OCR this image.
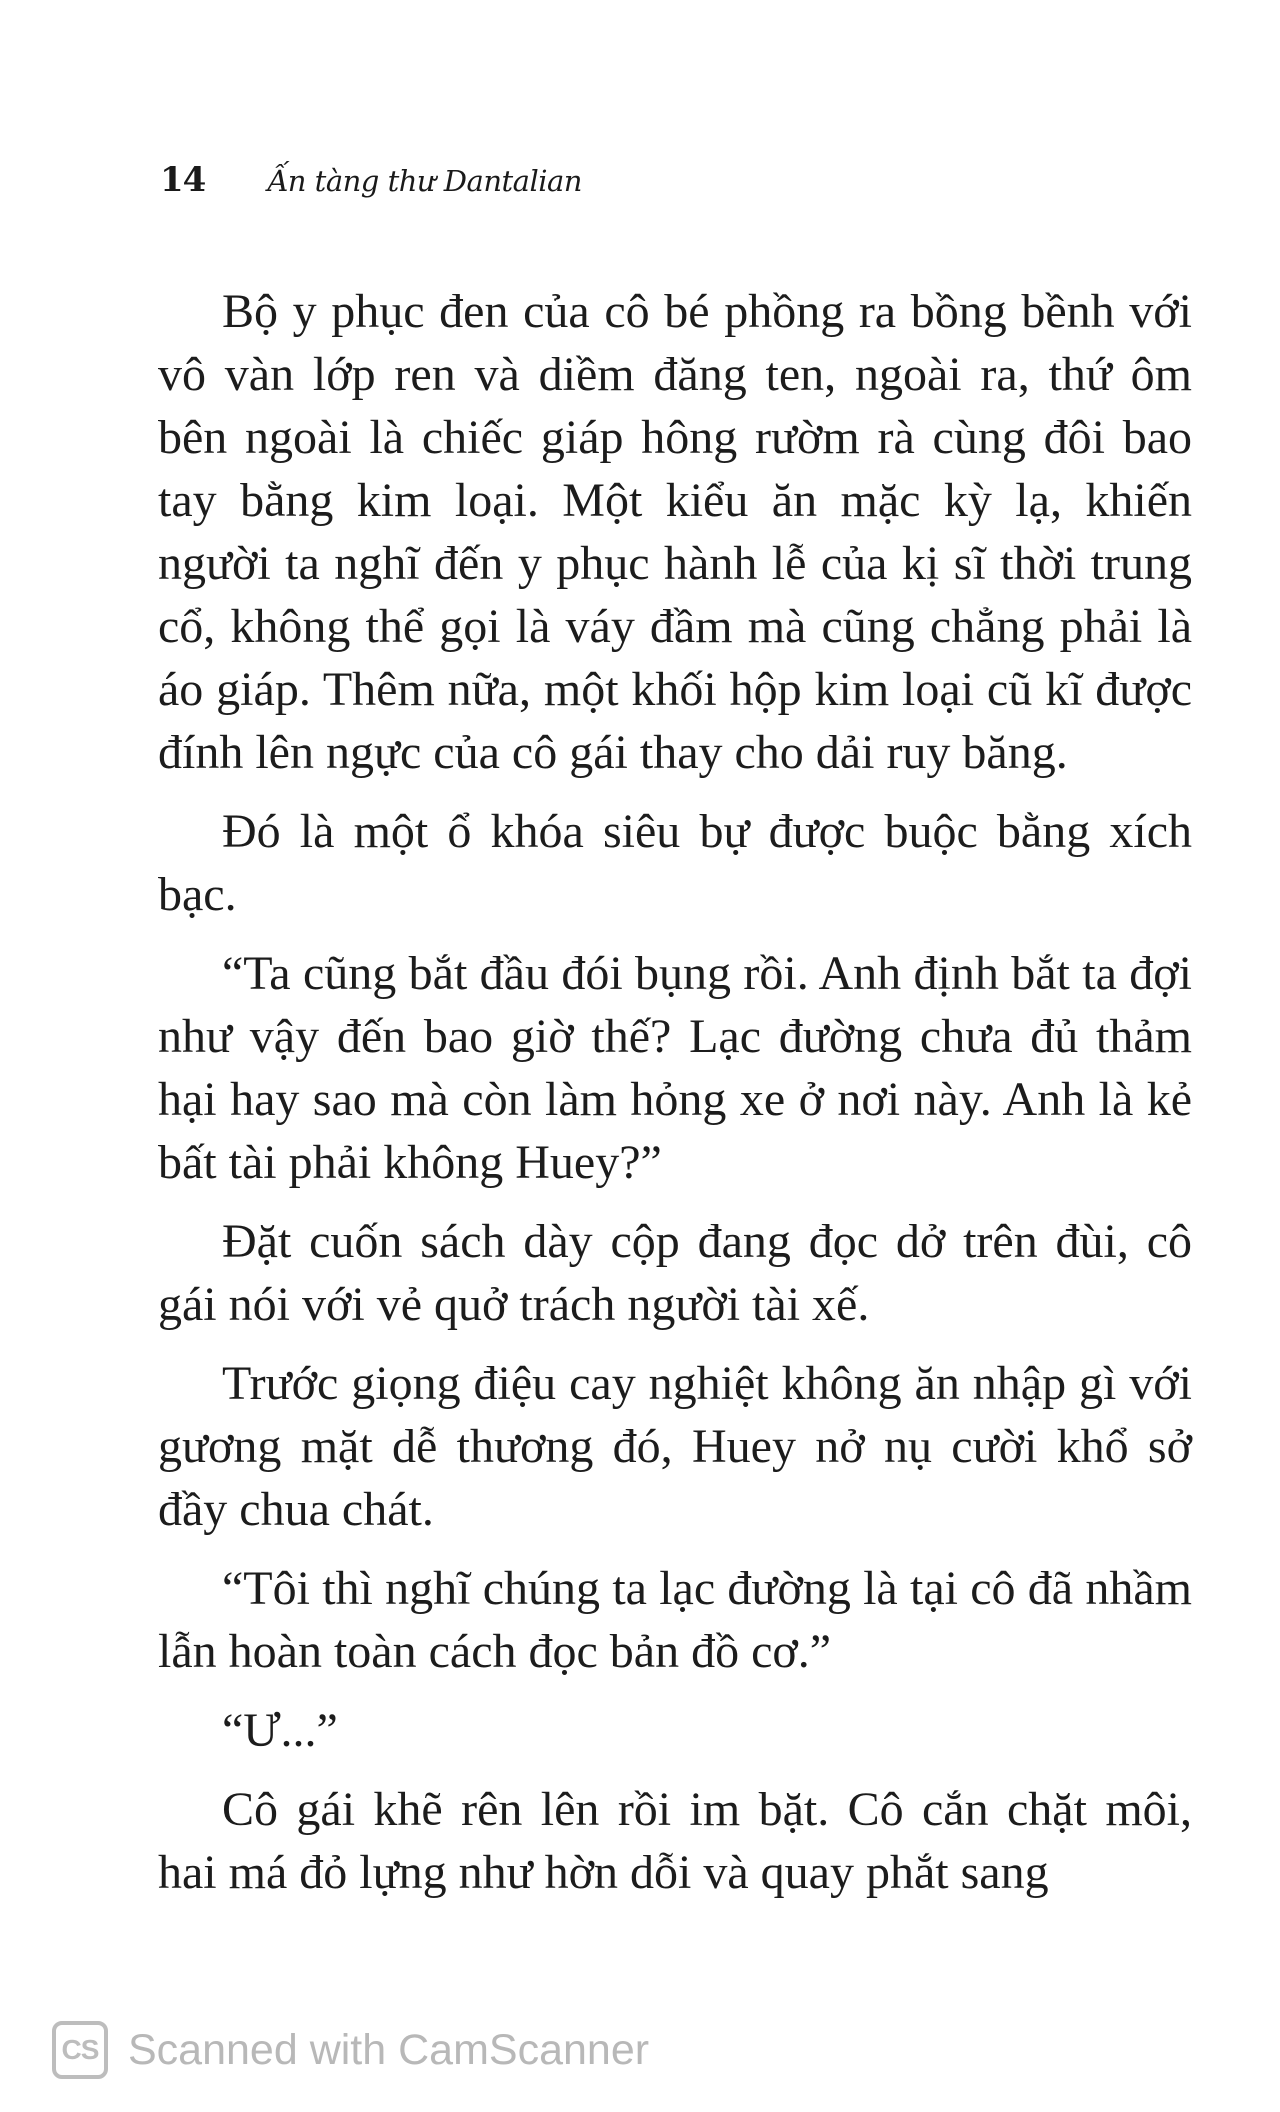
14 Ấn tàng thư Dantalian

Bộ y phục đen của cô bé phồng ra bồng bềnh với vô vàn lớp ren và diềm đăng ten, ngoài ra, thứ ôm bên ngoài là chiếc giáp hông rườm rà cùng đôi bao tay bằng kim loại. Một kiểu ăn mặc kỳ lạ, khiến người ta nghĩ đến y phục hành lễ của kị sĩ thời trung cổ, không thể gọi là váy đầm mà cũng chẳng phải là áo giáp. Thêm nữa, một khối hộp kim loại cũ kĩ được đính lên ngực của cô gái thay cho dải ruy băng.

Đó là một ổ khóa siêu bự được buộc bằng xích bạc.

“Ta cũng bắt đầu đói bụng rồi. Anh định bắt ta đợi như vậy đến bao giờ thế? Lạc đường chưa đủ thảm hại hay sao mà còn làm hỏng xe ở nơi này. Anh là kẻ bất tài phải không Huey?”

Đặt cuốn sách dày cộp đang đọc dở trên đùi, cô gái nói với vẻ quở trách người tài xế.

Trước giọng điệu cay nghiệt không ăn nhập gì với gương mặt dễ thương đó, Huey nở nụ cười khổ sở đầy chua chát.

“Tôi thì nghĩ chúng ta lạc đường là tại cô đã nhầm lẫn hoàn toàn cách đọc bản đồ cơ.”

“Ư...”

Cô gái khẽ rên lên rồi im bặt. Cô cắn chặt môi, hai má đỏ lựng như hờn dỗi và quay phắt sang

CS Scanned with CamScanner
